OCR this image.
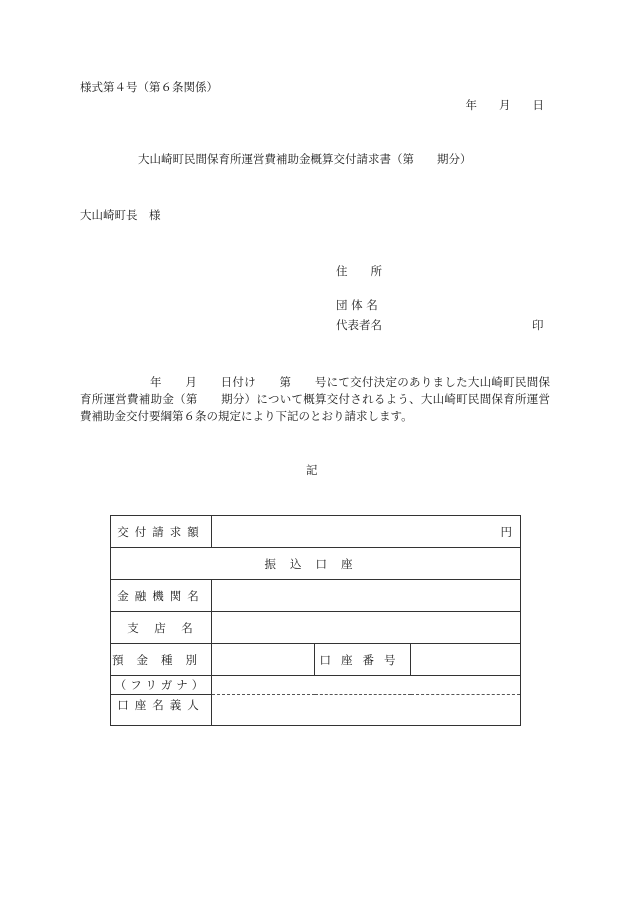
様式第４号（第６条関係）
年 月 日
大山崎町民間保育所運営費補助金概算交付請求書（第　　期分）
大山崎町長　様
住　　所
団 体 名
代表者名	印
年　　月　　日付け　　第　　号にて交付決定のありました大山崎町民間保育所運営費補助金（第　　期分）について概算交付されるよう、大山崎町民間保育所運営費補助金交付要綱第６条の規定により下記のとおり請求します。
記
交付請求額	円		
振込口座			
金融機関名			
支　店　名			
預金種別		口座番号	
（フリガナ）			
口座名義人			
